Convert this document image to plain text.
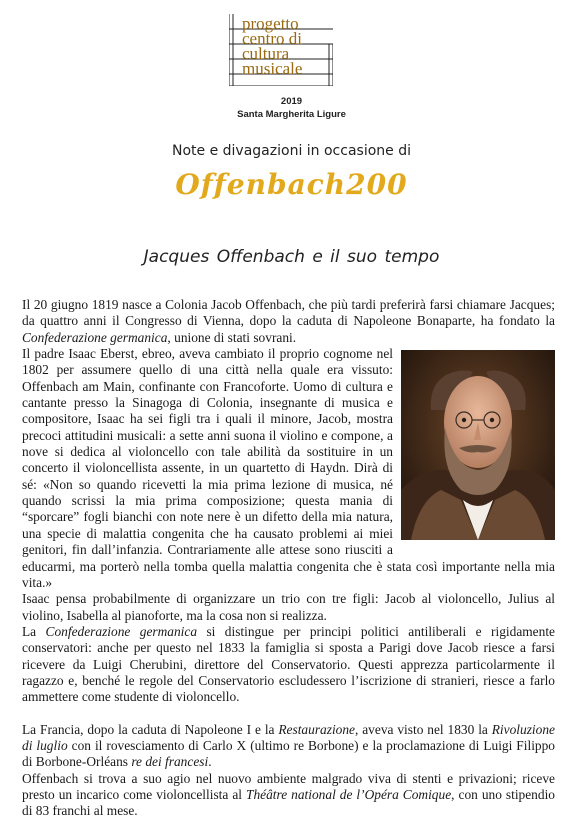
progetto
centro di
cultura
musicale
2019
Santa Margherita Ligure
Note e divagazioni in occasione di
Offenbach200
Jacques Offenbach e il suo tempo

Il 20 giugno 1819 nasce a Colonia Jacob Offenbach, che più tardi preferirà farsi chiamare Jacques; da quattro anni il Congresso di Vienna, dopo la caduta di Napoleone Bonaparte, ha fondato la Confederazione germanica, unione di stati sovrani.

Il padre Isaac Eberst, ebreo, aveva cambiato il proprio cognome nel 1802 per assumere quello di una città nella quale era vissuto: Offenbach am Main, confinante con Francoforte. Uomo di cultura e cantante presso la Sinagoga di Colonia, insegnante di musica e compositore, Isaac ha sei figli tra i quali il minore, Jacob, mostra precoci attitudini musicali: a sette anni suona il violino e compone, a nove si dedica al violoncello con tale abilità da sostituire in un concerto il violoncellista assente, in un quartetto di Haydn. Dirà di sé: «Non so quando ricevetti la mia prima lezione di musica, né quando scrissi la mia prima composizione; questa mania di “sporcare” fogli bianchi con note nere è un difetto della mia natura, una specie di malattia congenita che ha causato problemi ai miei genitori, fin dall’infanzia. Contrariamente alle attese sono riusciti a educarmi, ma porterò nella tomba quella malattia congenita che è stata così importante nella mia vita.»

Isaac pensa probabilmente di organizzare un trio con tre figli: Jacob al violoncello, Julius al violino, Isabella al pianoforte, ma la cosa non si realizza.

La Confederazione germanica si distingue per principi politici antiliberali e rigidamente conservatori: anche per questo nel 1833 la famiglia si sposta a Parigi dove Jacob riesce a farsi ricevere da Luigi Cherubini, direttore del Conservatorio. Questi apprezza particolarmente il ragazzo e, benché le regole del Conservatorio escludessero l’iscrizione di stranieri, riesce a farlo ammettere come studente di violoncello.

La Francia, dopo la caduta di Napoleone I e la Restaurazione, aveva visto nel 1830 la Rivoluzione di luglio con il rovesciamento di Carlo X (ultimo re Borbone) e la proclamazione di Luigi Filippo di Borbone-Orléans re dei francesi.

Offenbach si trova a suo agio nel nuovo ambiente malgrado viva di stenti e privazioni; riceve presto un incarico come violoncellista al Théâtre national de l’Opéra Comique, con uno stipendio di 83 franchi al mese.
